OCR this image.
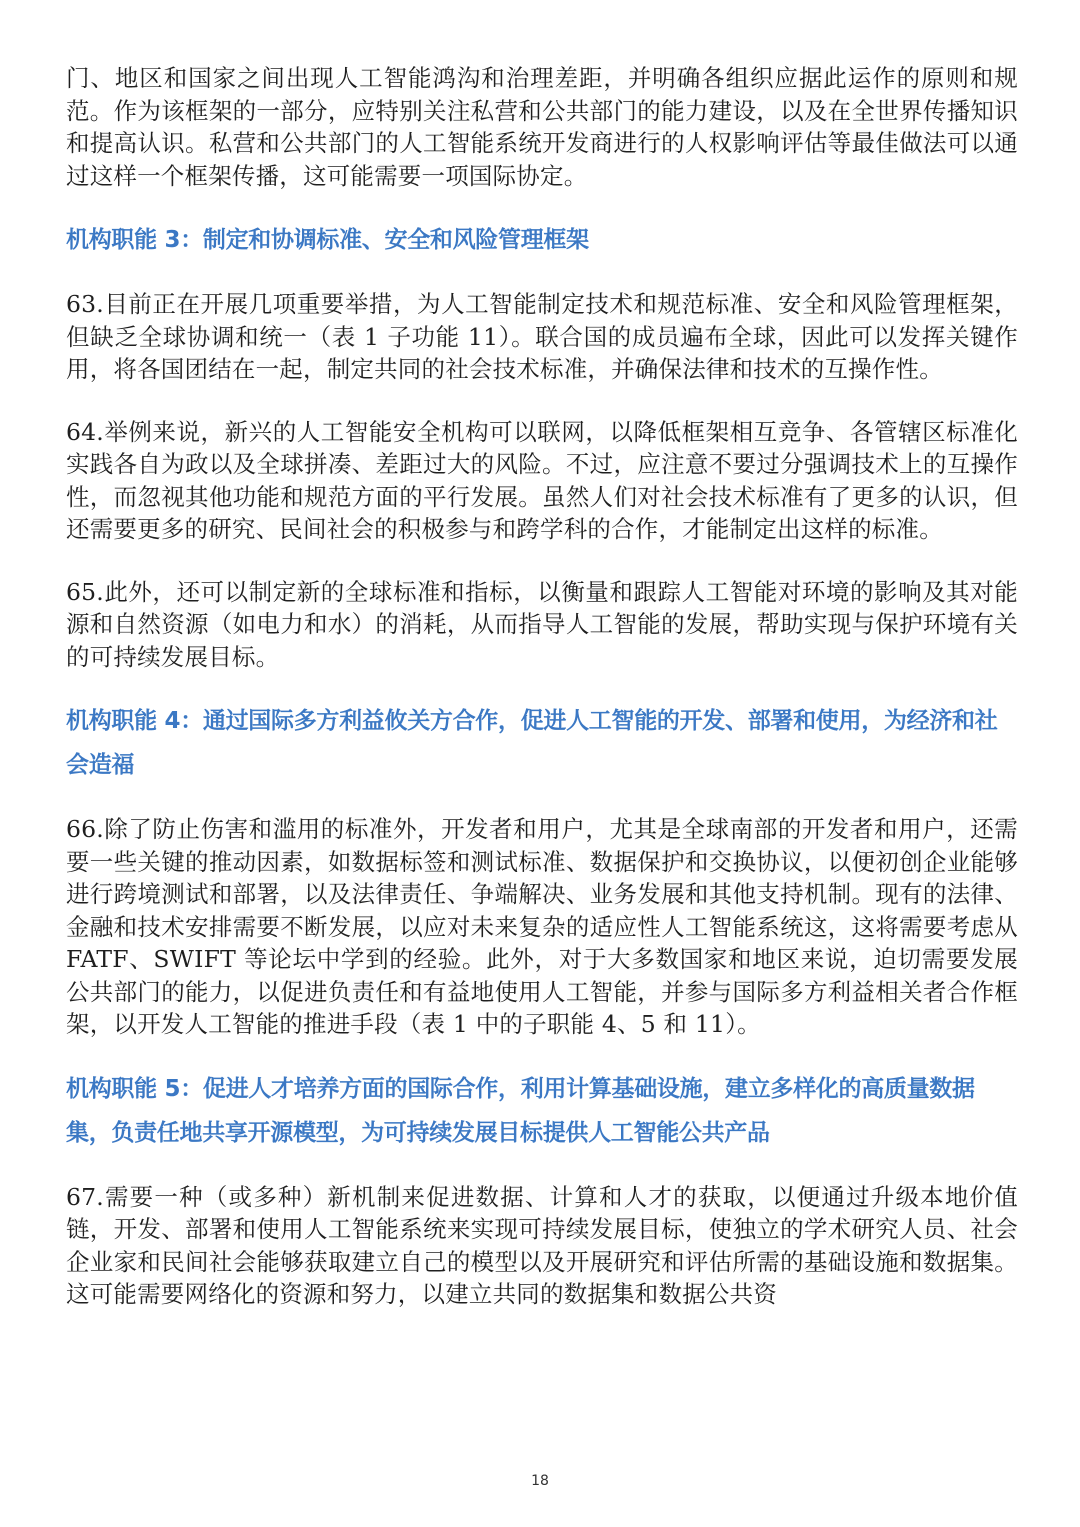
门、地区和国家之间出现人工智能鸿沟和治理差距，并明确各组织应据此运作的原则和规范。作为该框架的一部分，应特别关注私营和公共部门的能力建设，以及在全世界传播知识和提高认识。私营和公共部门的人工智能系统开发商进行的人权影响评估等最佳做法可以通过这样一个框架传播，这可能需要一项国际协定。

机构职能 3：制定和协调标准、安全和风险管理框架

63.目前正在开展几项重要举措，为人工智能制定技术和规范标准、安全和风险管理框架，但缺乏全球协调和统一（表 1 子功能 11）。联合国的成员遍布全球，因此可以发挥关键作用，将各国团结在一起，制定共同的社会技术标准，并确保法律和技术的互操作性。

64.举例来说，新兴的人工智能安全机构可以联网，以降低框架相互竞争、各管辖区标准化实践各自为政以及全球拼凑、差距过大的风险。不过，应注意不要过分强调技术上的互操作性，而忽视其他功能和规范方面的平行发展。虽然人们对社会技术标准有了更多的认识，但还需要更多的研究、民间社会的积极参与和跨学科的合作，才能制定出这样的标准。

65.此外，还可以制定新的全球标准和指标，以衡量和跟踪人工智能对环境的影响及其对能源和自然资源（如电力和水）的消耗，从而指导人工智能的发展，帮助实现与保护环境有关的可持续发展目标。

机构职能 4：通过国际多方利益攸关方合作，促进人工智能的开发、部署和使用，为经济和社会造福

66.除了防止伤害和滥用的标准外，开发者和用户，尤其是全球南部的开发者和用户，还需要一些关键的推动因素，如数据标签和测试标准、数据保护和交换协议，以便初创企业能够进行跨境测试和部署，以及法律责任、争端解决、业务发展和其他支持机制。现有的法律、金融和技术安排需要不断发展，以应对未来复杂的适应性人工智能系统这，这将需要考虑从 FATF、SWIFT 等论坛中学到的经验。此外，对于大多数国家和地区来说，迫切需要发展公共部门的能力，以促进负责任和有益地使用人工智能，并参与国际多方利益相关者合作框架，以开发人工智能的推进手段（表 1 中的子职能 4、5 和 11）。

机构职能 5：促进人才培养方面的国际合作，利用计算基础设施，建立多样化的高质量数据集，负责任地共享开源模型，为可持续发展目标提供人工智能公共产品

67.需要一种（或多种）新机制来促进数据、计算和人才的获取，以便通过升级本地价值链，开发、部署和使用人工智能系统来实现可持续发展目标，使独立的学术研究人员、社会企业家和民间社会能够获取建立自己的模型以及开展研究和评估所需的基础设施和数据集。这可能需要网络化的资源和努力，以建立共同的数据集和数据公共资

18
